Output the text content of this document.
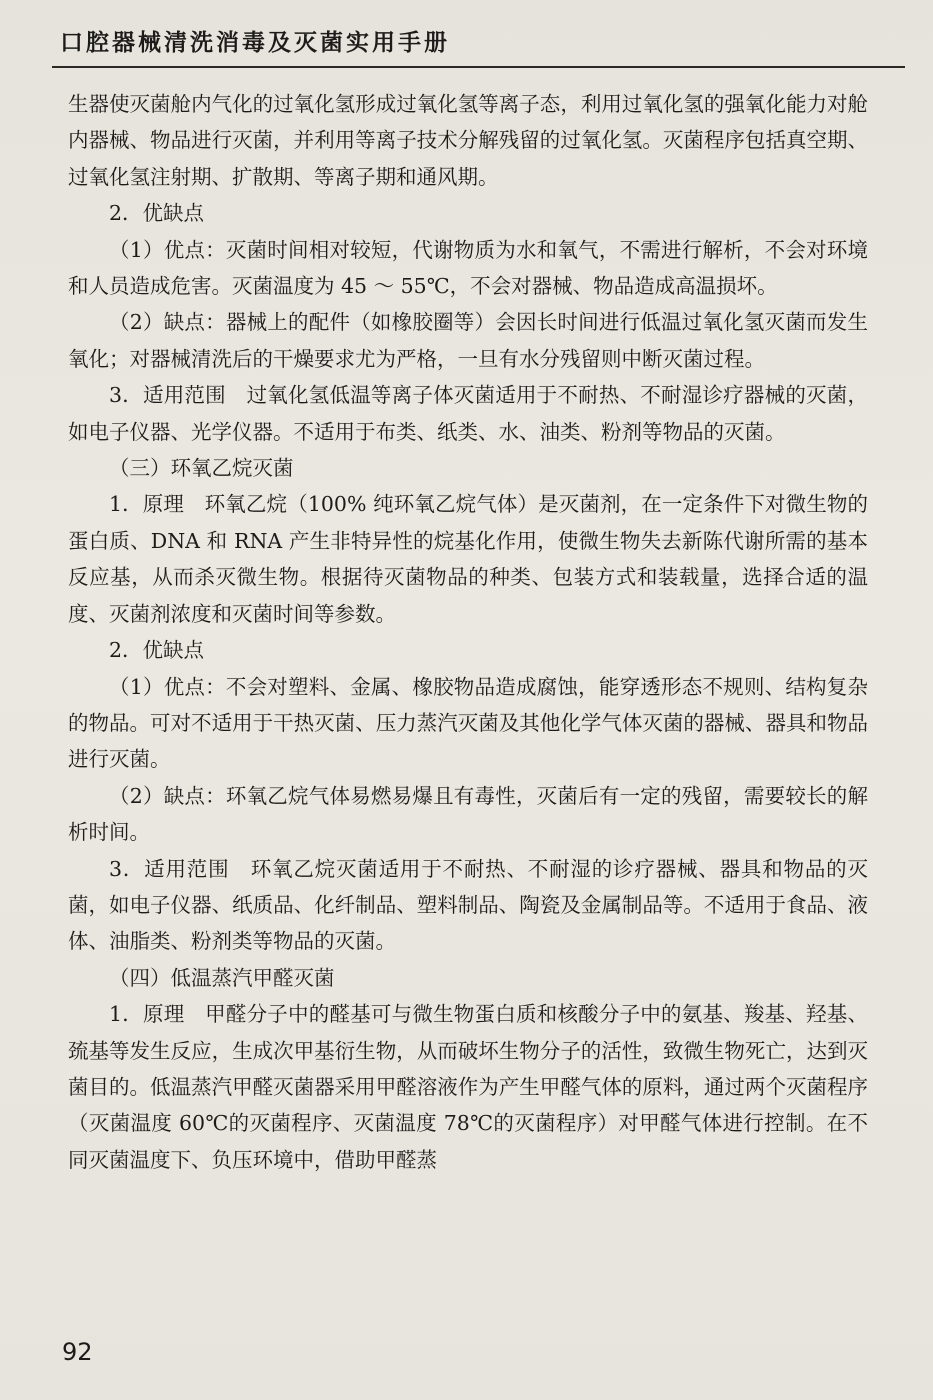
口腔器械清洗消毒及灭菌实用手册

生器使灭菌舱内气化的过氧化氢形成过氧化氢等离子态，利用过氧化氢的强氧化能力对舱内器械、物品进行灭菌，并利用等离子技术分解残留的过氧化氢。灭菌程序包括真空期、过氧化氢注射期、扩散期、等离子期和通风期。

2．优缺点

（1）优点：灭菌时间相对较短，代谢物质为水和氧气，不需进行解析，不会对环境和人员造成危害。灭菌温度为 45 ～ 55℃，不会对器械、物品造成高温损坏。

（2）缺点：器械上的配件（如橡胶圈等）会因长时间进行低温过氧化氢灭菌而发生氧化；对器械清洗后的干燥要求尤为严格，一旦有水分残留则中断灭菌过程。

3．适用范围　过氧化氢低温等离子体灭菌适用于不耐热、不耐湿诊疗器械的灭菌，如电子仪器、光学仪器。不适用于布类、纸类、水、油类、粉剂等物品的灭菌。

（三）环氧乙烷灭菌

1．原理　环氧乙烷（100% 纯环氧乙烷气体）是灭菌剂，在一定条件下对微生物的蛋白质、DNA 和 RNA 产生非特异性的烷基化作用，使微生物失去新陈代谢所需的基本反应基，从而杀灭微生物。根据待灭菌物品的种类、包装方式和装载量，选择合适的温度、灭菌剂浓度和灭菌时间等参数。

2．优缺点

（1）优点：不会对塑料、金属、橡胶物品造成腐蚀，能穿透形态不规则、结构复杂的物品。可对不适用于干热灭菌、压力蒸汽灭菌及其他化学气体灭菌的器械、器具和物品进行灭菌。

（2）缺点：环氧乙烷气体易燃易爆且有毒性，灭菌后有一定的残留，需要较长的解析时间。

3．适用范围　环氧乙烷灭菌适用于不耐热、不耐湿的诊疗器械、器具和物品的灭菌，如电子仪器、纸质品、化纤制品、塑料制品、陶瓷及金属制品等。不适用于食品、液体、油脂类、粉剂类等物品的灭菌。

（四）低温蒸汽甲醛灭菌

1．原理　甲醛分子中的醛基可与微生物蛋白质和核酸分子中的氨基、羧基、羟基、巯基等发生反应，生成次甲基衍生物，从而破坏生物分子的活性，致微生物死亡，达到灭菌目的。低温蒸汽甲醛灭菌器采用甲醛溶液作为产生甲醛气体的原料，通过两个灭菌程序（灭菌温度 60℃的灭菌程序、灭菌温度 78℃的灭菌程序）对甲醛气体进行控制。在不同灭菌温度下、负压环境中，借助甲醛蒸

92
